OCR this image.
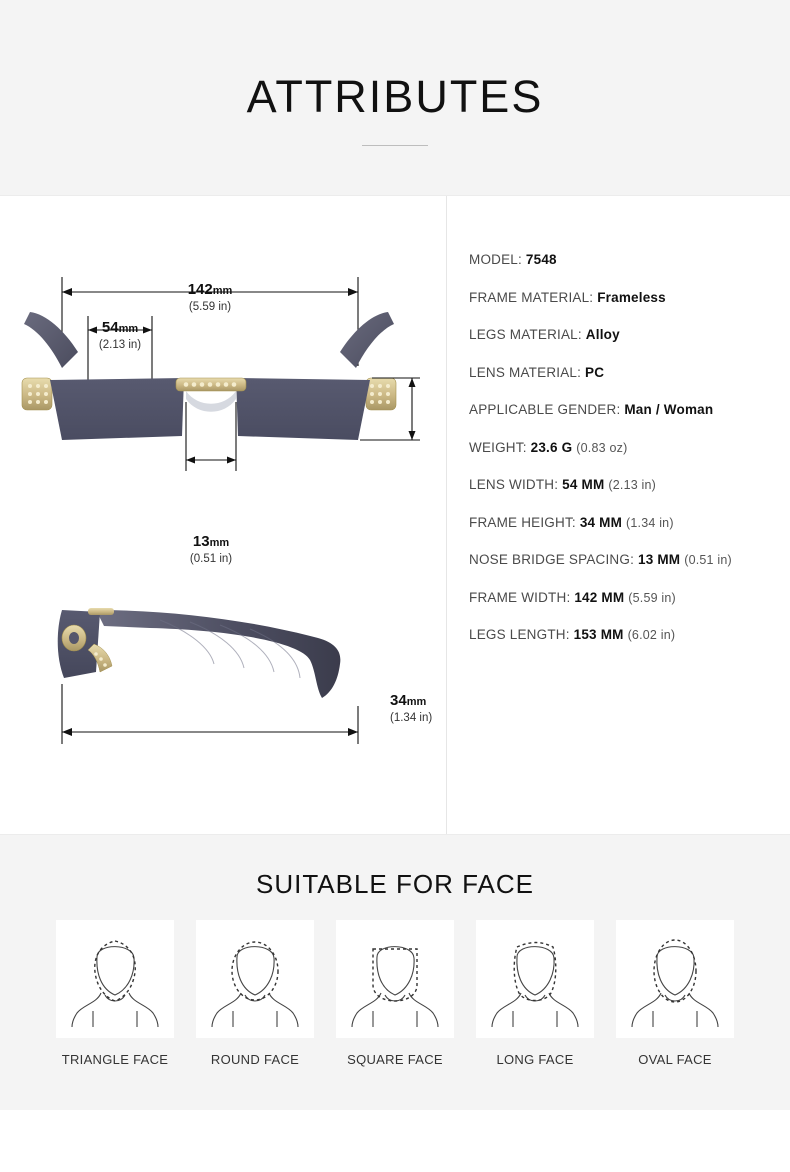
ATTRIBUTES
142mm
(5.59 in)
54mm
(2.13 in)
34mm
(1.34 in)
13mm
(0.51 in)
MODEL: 7548
FRAME MATERIAL: Frameless
LEGS MATERIAL: Alloy
LENS MATERIAL: PC
APPLICABLE GENDER: Man / Woman
WEIGHT: 23.6 G (0.83 oz)
LENS WIDTH: 54 MM (2.13 in)
FRAME HEIGHT: 34 MM (1.34 in)
NOSE BRIDGE SPACING: 13 MM (0.51 in)
FRAME WIDTH: 142 MM (5.59 in)
LEGS LENGTH: 153 MM (6.02 in)
SUITABLE FOR FACE
TRIANGLE FACE	ROUND FACE	SQUARE FACE	LONG FACE	OVAL FACE
